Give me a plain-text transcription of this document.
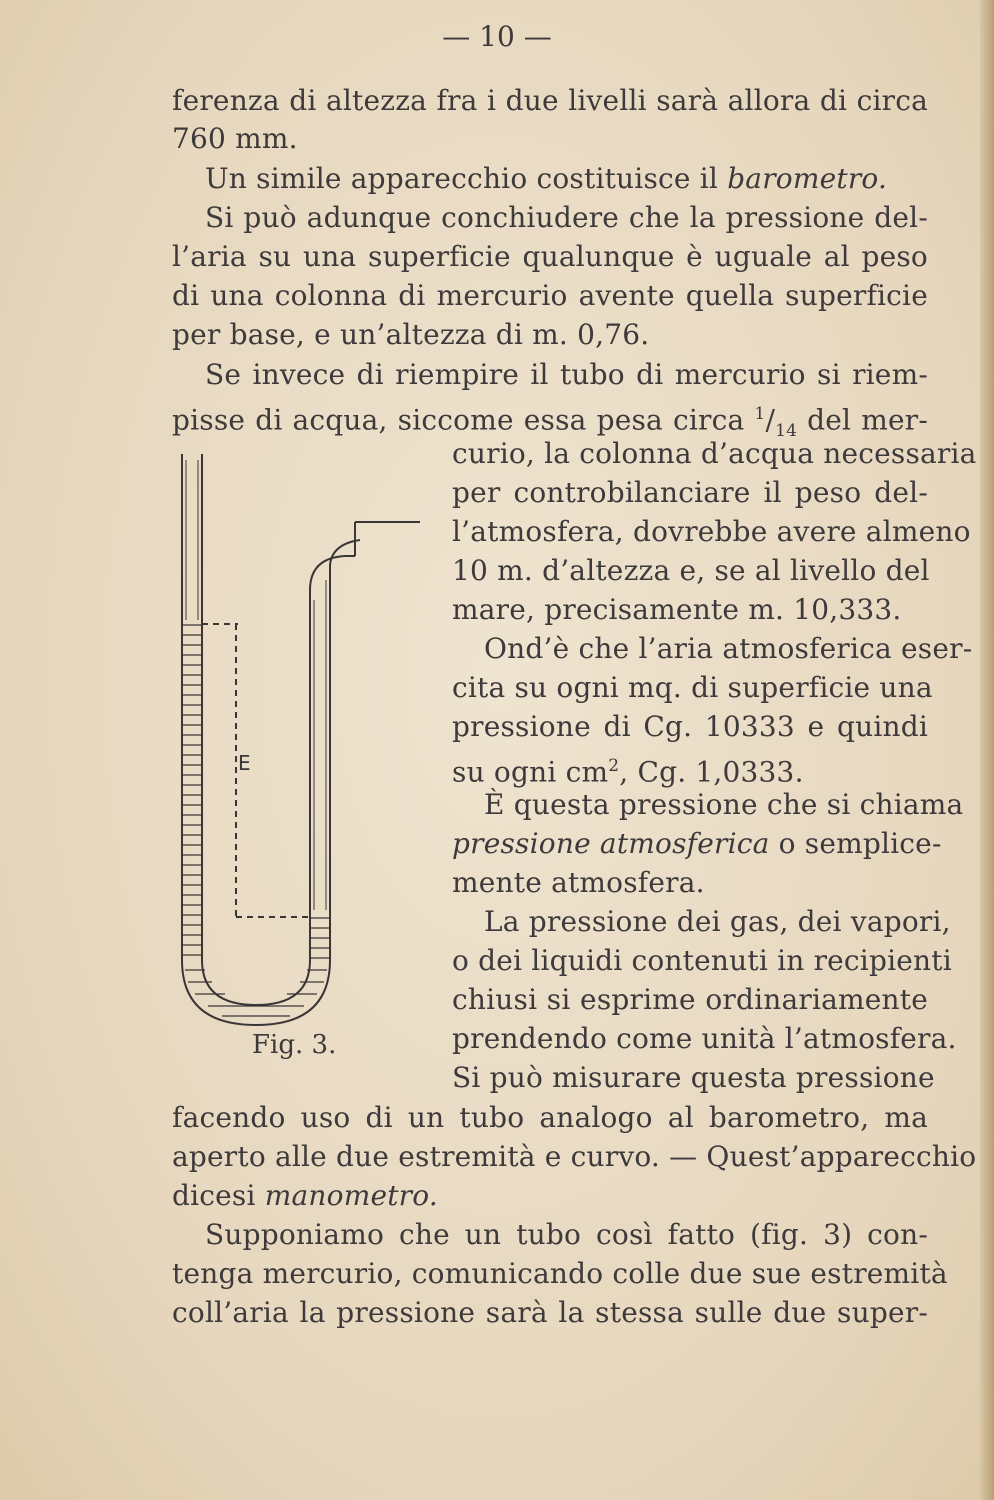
— 10 —
ferenza di altezza fra i due livelli sarà allora di circa
760 mm.
Un simile apparecchio costituisce il barometro.
Si può adunque conchiudere che la pressione del-
l’aria su una superficie qualunque è uguale al peso
di una colonna di mercurio avente quella superficie
per base, e un’altezza di m. 0,76.
Se invece di riempire il tubo di mercurio si riem-
pisse di acqua, siccome essa pesa circa $^1/_{14}$ del mer-
curio, la colonna d’acqua necessaria
per controbilanciare il peso del-
l’atmosfera, dovrebbe avere almeno
10 m. d’altezza e, se al livello del
mare, precisamente m. 10,333.
Ond’è che l’aria atmosferica eser-
cita su ogni mq. di superficie una
pressione di Cg. 10333 e quindi
su ogni $cm^2$, Cg. 1,0333.
È questa pressione che si chiama
pressione atmosferica o semplice-
mente atmosfera.
La pressione dei gas, dei vapori,
o dei liquidi contenuti in recipienti
chiusi si esprime ordinariamente
prendendo come unità l’atmosfera.
Si può misurare questa pressione
facendo uso di un tubo analogo al barometro, ma
aperto alle due estremità e curvo. — Quest’apparecchio
dicesi manometro.
Supponiamo che un tubo così fatto (fig. 3) con-
tenga mercurio, comunicando colle due sue estremità
coll’aria la pressione sarà la stessa sulle due super-
E
Fig. 3.
